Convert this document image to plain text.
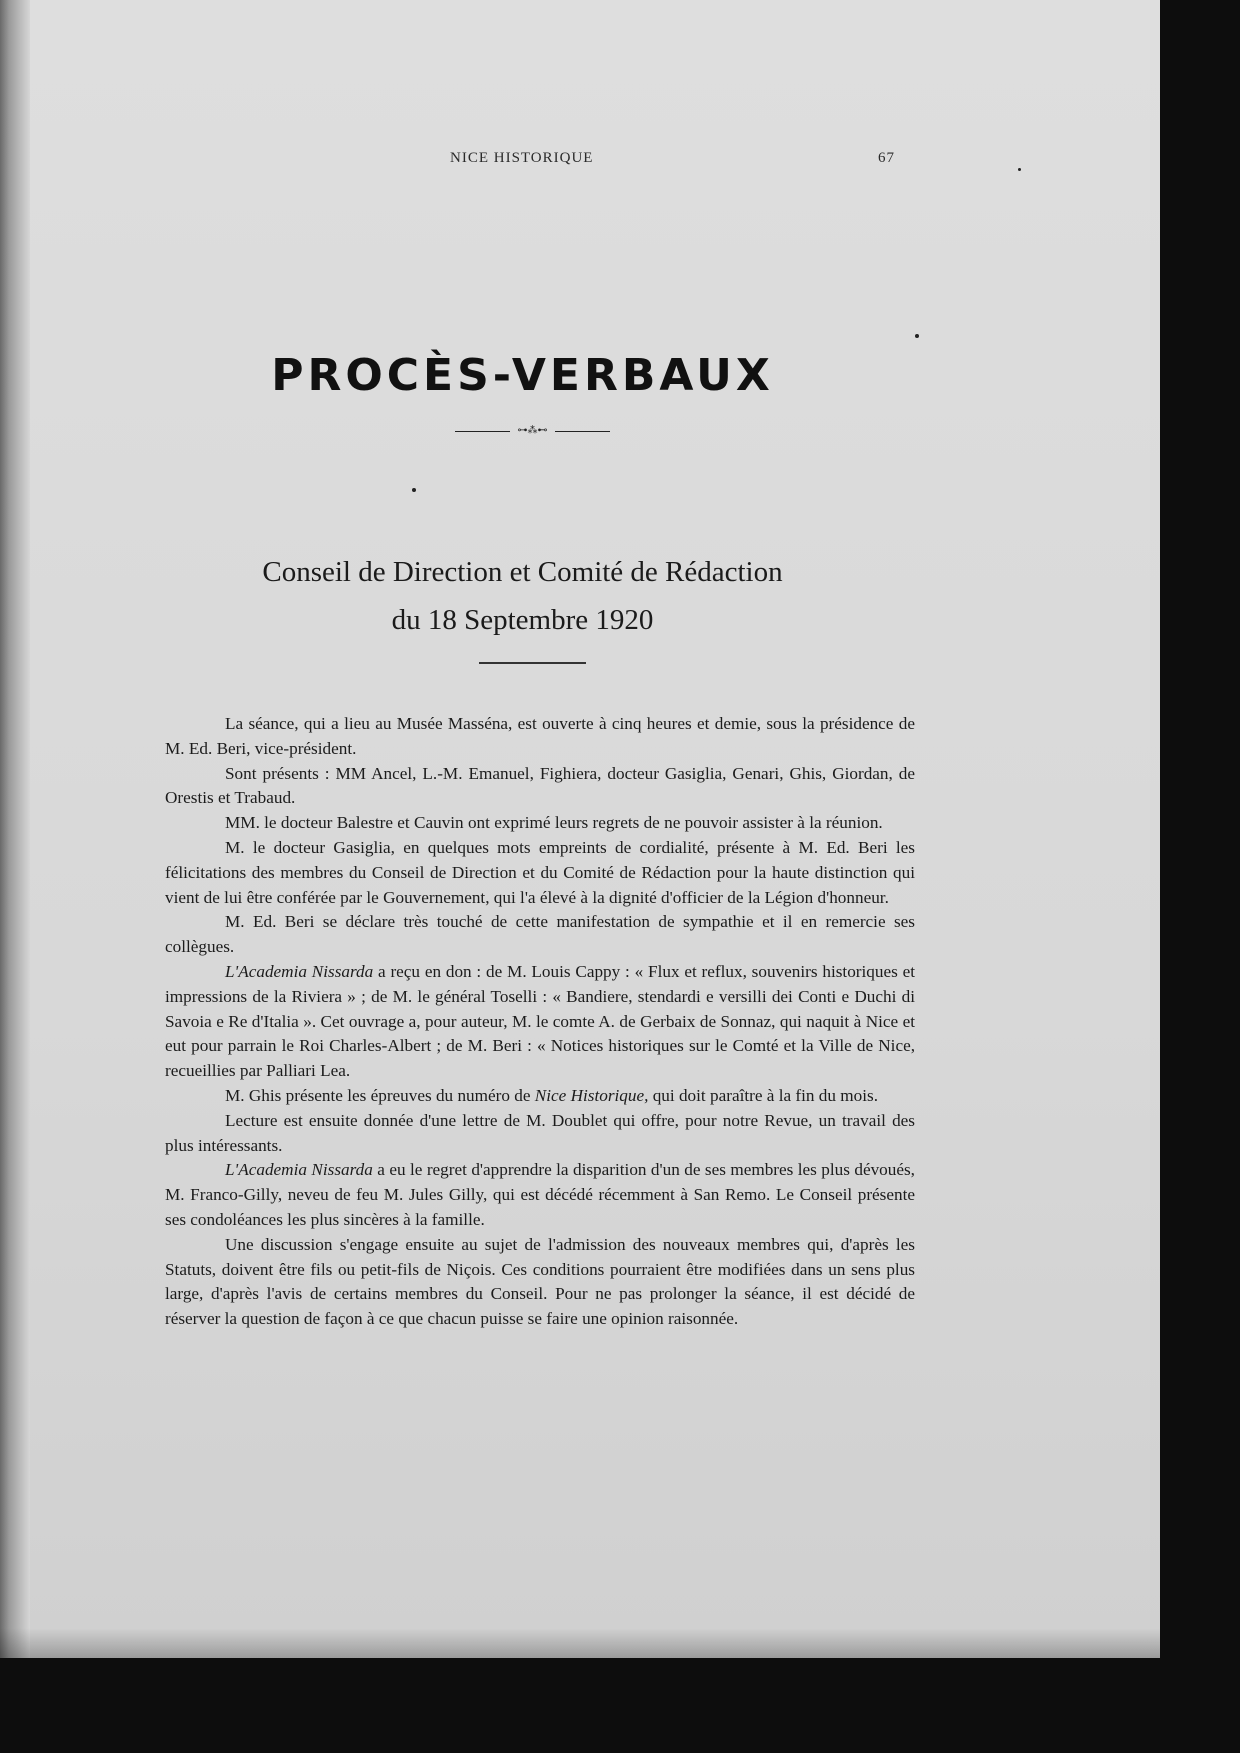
NICE HISTORIQUE	67
PROCÈS-VERBAUX
⊶⁂⊷
Conseil de Direction et Comité de Rédaction
du 18 Septembre 1920

La séance, qui a lieu au Musée Masséna, est ouverte à cinq heures et demie, sous la présidence de M. Ed. Beri, vice-président.

Sont présents : MM Ancel, L.-M. Emanuel, Fighiera, docteur Gasiglia, Genari, Ghis, Giordan, de Orestis et Trabaud.

MM. le docteur Balestre et Cauvin ont exprimé leurs regrets de ne pouvoir assister à la réunion.

M. le docteur Gasiglia, en quelques mots empreints de cordialité, présente à M. Ed. Beri les félicitations des membres du Conseil de Direction et du Comité de Rédaction pour la haute distinction qui vient de lui être conférée par le Gouvernement, qui l'a élevé à la dignité d'officier de la Légion d'honneur.

M. Ed. Beri se déclare très touché de cette manifestation de sympathie et il en remercie ses collègues.

L'Academia Nissarda a reçu en don : de M. Louis Cappy : « Flux et reflux, souvenirs historiques et impressions de la Riviera » ; de M. le général Toselli : « Bandiere, stendardi e versilli dei Conti e Duchi di Savoia e Re d'Italia ». Cet ouvrage a, pour auteur, M. le comte A. de Gerbaix de Sonnaz, qui naquit à Nice et eut pour parrain le Roi Charles-Albert ; de M. Beri : « Notices historiques sur le Comté et la Ville de Nice, recueillies par Palliari Lea.

M. Ghis présente les épreuves du numéro de Nice Historique, qui doit paraître à la fin du mois.

Lecture est ensuite donnée d'une lettre de M. Doublet qui offre, pour notre Revue, un travail des plus intéressants.

L'Academia Nissarda a eu le regret d'apprendre la disparition d'un de ses membres les plus dévoués, M. Franco-Gilly, neveu de feu M. Jules Gilly, qui est décédé récemment à San Remo. Le Conseil présente ses condoléances les plus sincères à la famille.

Une discussion s'engage ensuite au sujet de l'admission des nouveaux membres qui, d'après les Statuts, doivent être fils ou petit-fils de Niçois. Ces conditions pourraient être modifiées dans un sens plus large, d'après l'avis de certains membres du Conseil. Pour ne pas prolonger la séance, il est décidé de réserver la question de façon à ce que chacun puisse se faire une opinion raisonnée.
